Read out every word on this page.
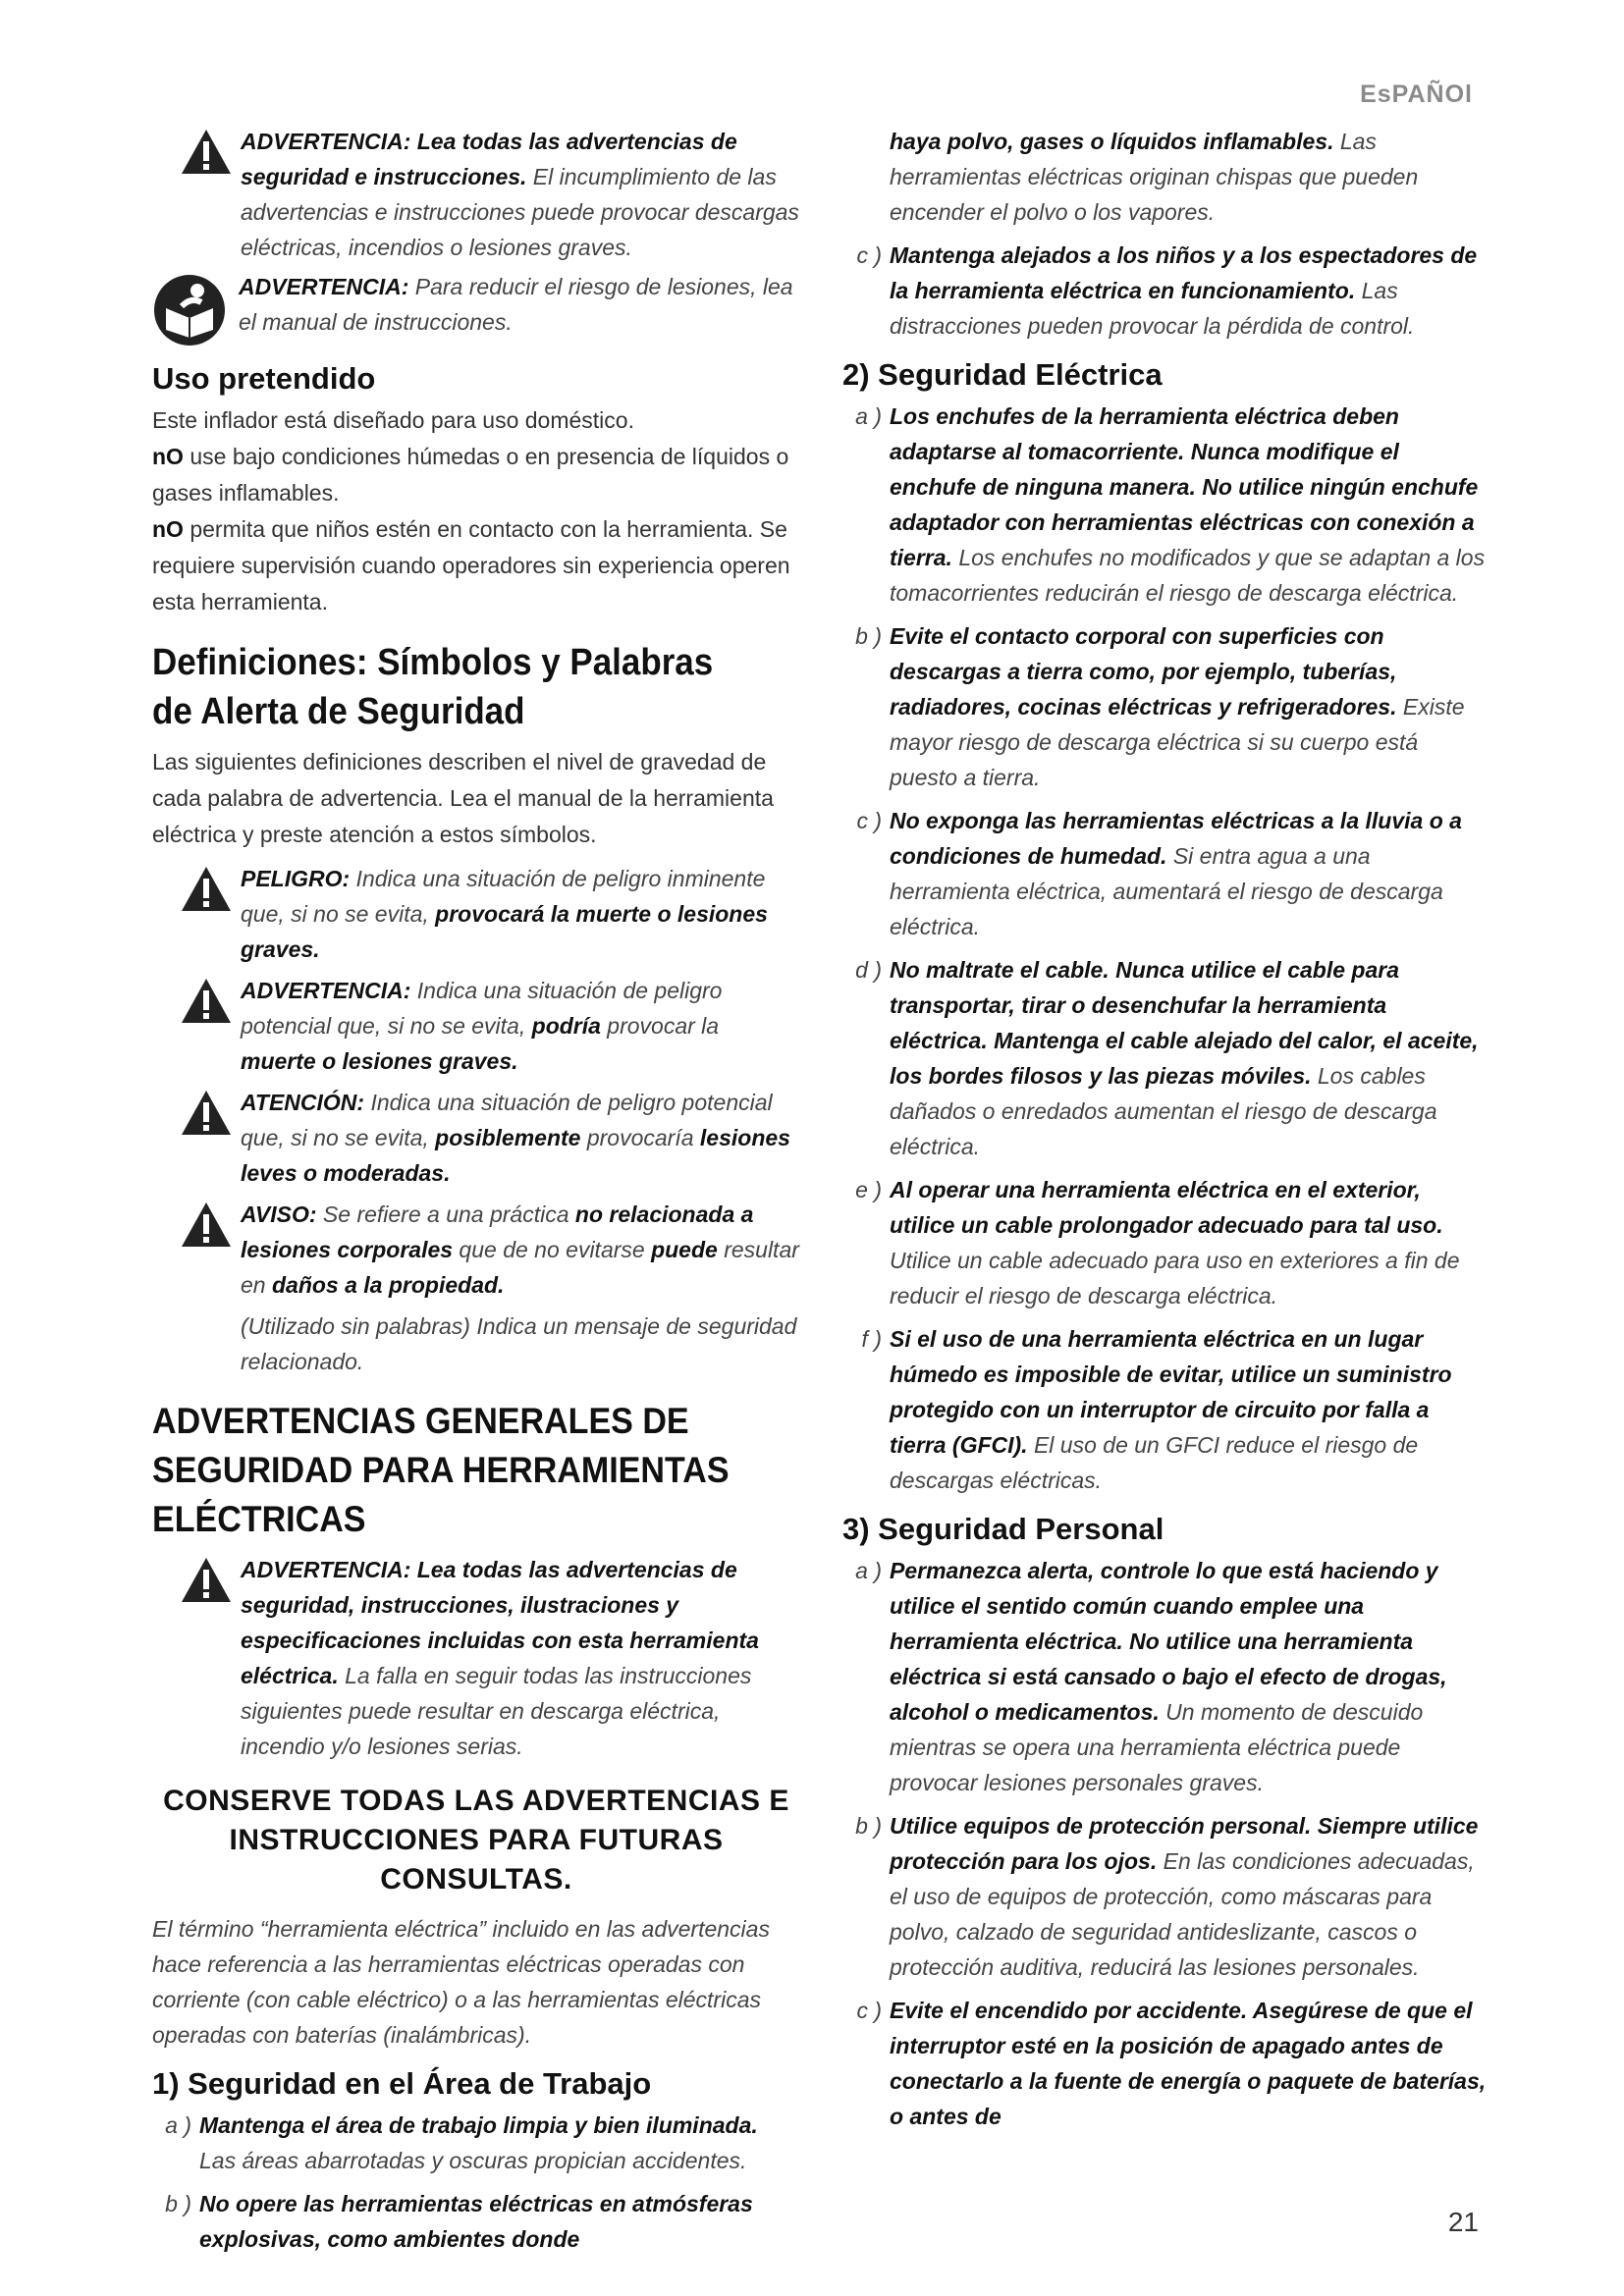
EsPAÑOl

ADVERTENCIA: Lea todas las advertencias de seguridad e instrucciones. El incumplimiento de las advertencias e instrucciones puede provocar descargas eléctricas, incendios o lesiones graves.

ADVERTENCIA: Para reducir el riesgo de lesiones, lea el manual de instrucciones.

Uso pretendido

Este inflador está diseñado para uso doméstico.

nO use bajo condiciones húmedas o en presencia de líquidos o gases inflamables.

nO permita que niños estén en contacto con la herramienta. Se requiere supervisión cuando operadores sin experiencia operen esta herramienta.

Definiciones: Símbolos y Palabras de Alerta de Seguridad

Las siguientes definiciones describen el nivel de gravedad de cada palabra de advertencia. Lea el manual de la herramienta eléctrica y preste atención a estos símbolos.

PELIGRO: Indica una situación de peligro inminente que, si no se evita, provocará la muerte o lesiones graves.

ADVERTENCIA: Indica una situación de peligro potencial que, si no se evita, podría provocar la muerte o lesiones graves.

ATENCIÓN: Indica una situación de peligro potencial que, si no se evita, posiblemente provocaría lesiones leves o moderadas.

AVISO: Se refiere a una práctica no relacionada a lesiones corporales que de no evitarse puede resultar en daños a la propiedad.

(Utilizado sin palabras) Indica un mensaje de seguridad relacionado.

ADVERTENCIAS GENERALES DE SEGURIDAD PARA HERRAMIENTAS ELÉCTRICAS

ADVERTENCIA: Lea todas las advertencias de seguridad, instrucciones, ilustraciones y especificaciones incluidas con esta herramienta eléctrica. La falla en seguir todas las instrucciones siguientes puede resultar en descarga eléctrica, incendio y/o lesiones serias.

CONSERVE TODAS LAS ADVERTENCIAS E INSTRUCCIONES PARA FUTURAS CONSULTAS.

El término “herramienta eléctrica” incluido en las advertencias hace referencia a las herramientas eléctricas operadas con corriente (con cable eléctrico) o a las herramientas eléctricas operadas con baterías (inalámbricas).

1) Seguridad en el Área de Trabajo
a ) Mantenga el área de trabajo limpia y bien iluminada. Las áreas abarrotadas y oscuras propician accidentes.

b ) No opere las herramientas eléctricas en atmósferas explosivas, como ambientes donde

haya polvo, gases o líquidos inflamables. Las herramientas eléctricas originan chispas que pueden encender el polvo o los vapores.

c ) Mantenga alejados a los niños y a los espectadores de la herramienta eléctrica en funcionamiento. Las distracciones pueden provocar la pérdida de control.

2) Seguridad Eléctrica
a ) Los enchufes de la herramienta eléctrica deben adaptarse al tomacorriente. Nunca modifique el enchufe de ninguna manera. No utilice ningún enchufe adaptador con herramientas eléctricas con conexión a tierra. Los enchufes no modificados y que se adaptan a los tomacorrientes reducirán el riesgo de descarga eléctrica.

b ) Evite el contacto corporal con superficies con descargas a tierra como, por ejemplo, tuberías, radiadores, cocinas eléctricas y refrigeradores. Existe mayor riesgo de descarga eléctrica si su cuerpo está puesto a tierra.

c ) No exponga las herramientas eléctricas a la lluvia o a condiciones de humedad. Si entra agua a una herramienta eléctrica, aumentará el riesgo de descarga eléctrica.

d ) No maltrate el cable. Nunca utilice el cable para transportar, tirar o desenchufar la herramienta eléctrica. Mantenga el cable alejado del calor, el aceite, los bordes filosos y las piezas móviles. Los cables dañados o enredados aumentan el riesgo de descarga eléctrica.

e ) Al operar una herramienta eléctrica en el exterior, utilice un cable prolongador adecuado para tal uso. Utilice un cable adecuado para uso en exteriores a fin de reducir el riesgo de descarga eléctrica.

f ) Si el uso de una herramienta eléctrica en un lugar húmedo es imposible de evitar, utilice un suministro protegido con un interruptor de circuito por falla a tierra (GFCI). El uso de un GFCI reduce el riesgo de descargas eléctricas.

3) Seguridad Personal
a ) Permanezca alerta, controle lo que está haciendo y utilice el sentido común cuando emplee una herramienta eléctrica. No utilice una herramienta eléctrica si está cansado o bajo el efecto de drogas, alcohol o medicamentos. Un momento de descuido mientras se opera una herramienta eléctrica puede provocar lesiones personales graves.

b ) Utilice equipos de protección personal. Siempre utilice protección para los ojos. En las condiciones adecuadas, el uso de equipos de protección, como máscaras para polvo, calzado de seguridad antideslizante, cascos o protección auditiva, reducirá las lesiones personales.

c ) Evite el encendido por accidente. Asegúrese de que el interruptor esté en la posición de apagado antes de conectarlo a la fuente de energía o paquete de baterías, o antes de

21
